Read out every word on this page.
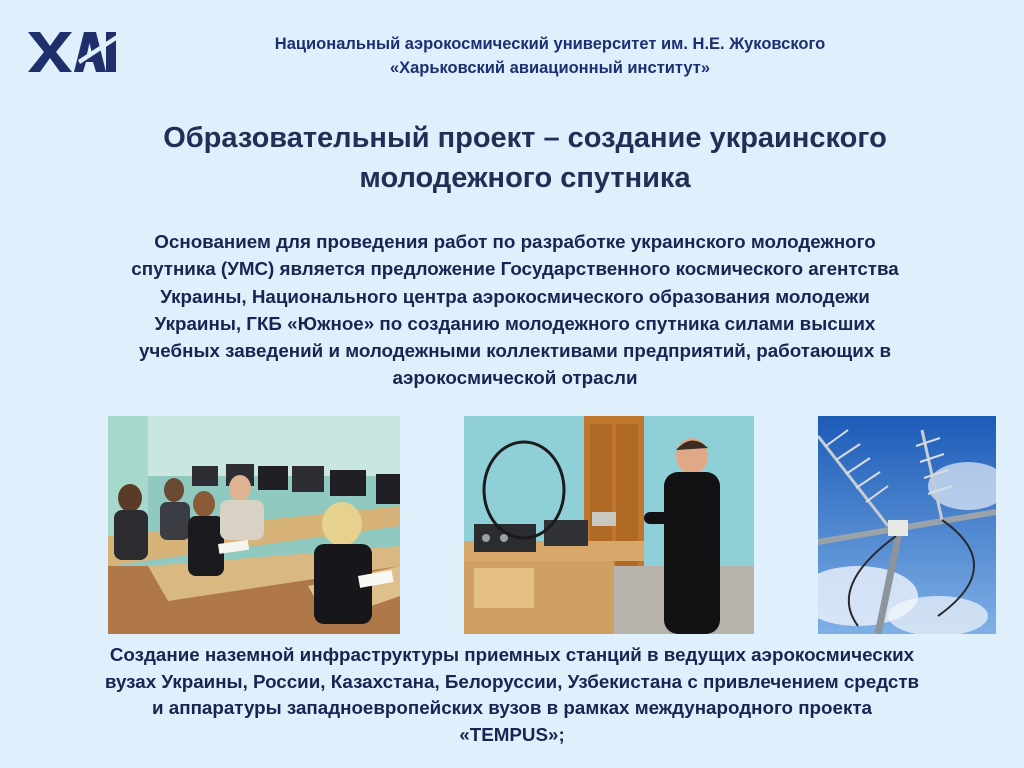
Национальный аэрокосмический университет им. Н.Е. Жуковского
«Харьковский авиационный институт»
Образовательный проект – создание украинского
молодежного спутника
Основанием для проведения работ по разработке украинского молодежного
спутника (УМС) является предложение Государственного космического агентства
Украины, Национального центра аэрокосмического образования молодежи
Украины, ГКБ «Южное» по созданию молодежного спутника силами высших
учебных заведений и молодежными коллективами предприятий, работающих в
аэрокосмической отрасли
Создание наземной инфраструктуры приемных станций в ведущих аэрокосмических
вузах Украины, России, Казахстана, Белоруссии, Узбекистана с привлечением средств
и аппаратуры западноевропейских вузов в рамках международного проекта
«TEMPUS»;
